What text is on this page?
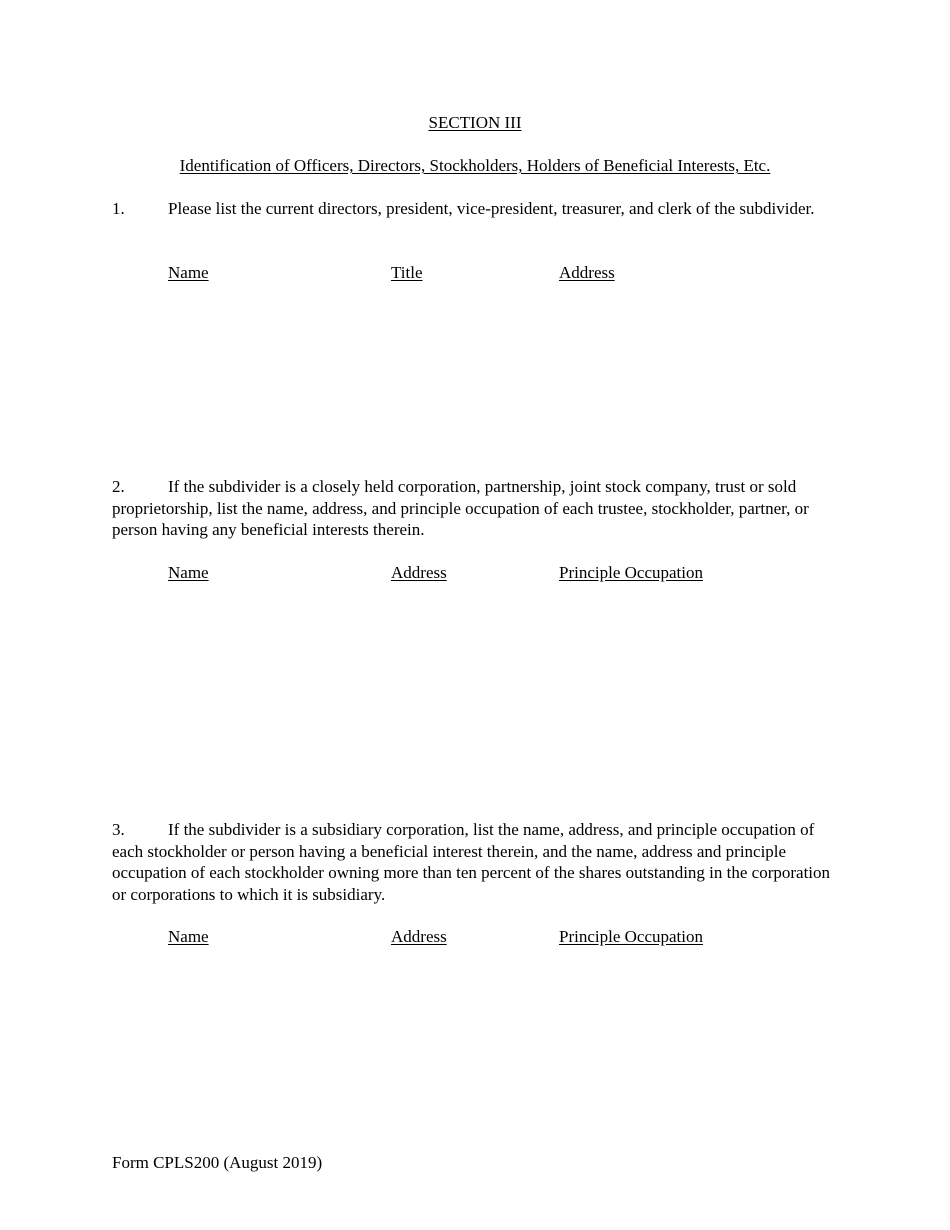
SECTION III
Identification of Officers, Directors, Stockholders, Holders of Beneficial Interests, Etc.

1.	Please list the current directors, president, vice-president, treasurer, and clerk of the subdivider.

Name	Title	Address

2.	If the subdivider is a closely held corporation, partnership, joint stock company, trust or sold proprietorship, list the name, address, and principle occupation of each trustee, stockholder, partner, or person having any beneficial interests therein.

Name	Address	Principle Occupation

3.	If the subdivider is a subsidiary corporation, list the name, address, and principle occupation of each stockholder or person having a beneficial interest therein, and the name, address and principle occupation of each stockholder owning more than ten percent of the shares outstanding in the corporation or corporations to which it is subsidiary.

Name	Address	Principle Occupation
Form CPLS200 (August 2019)
